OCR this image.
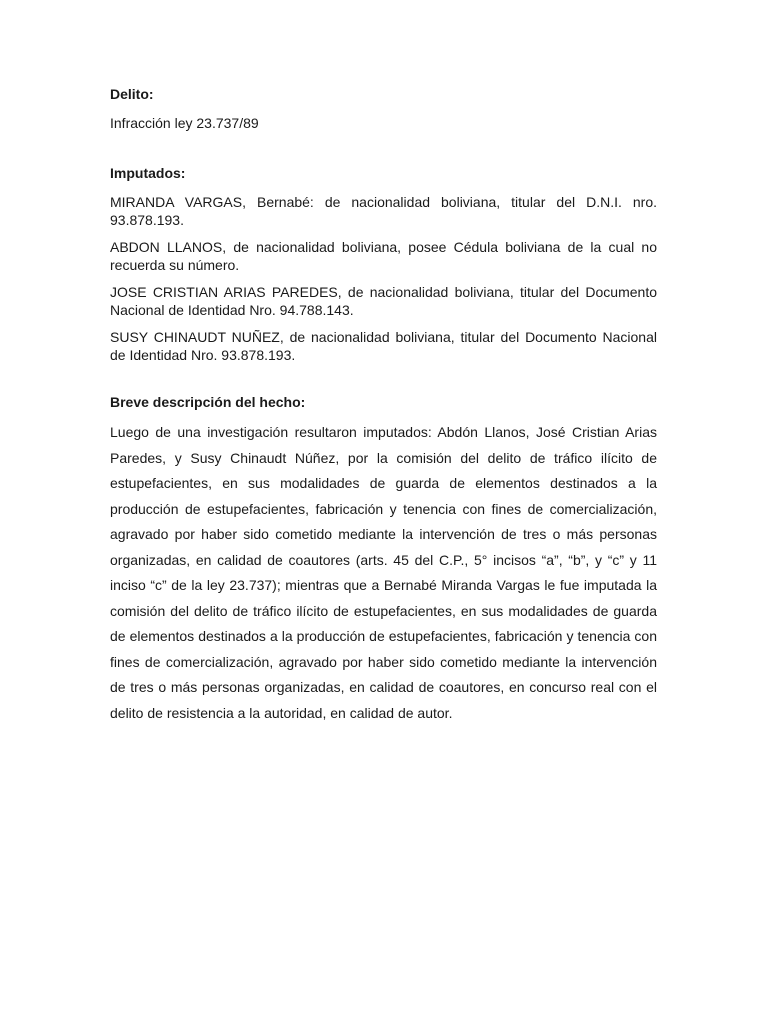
Delito:

Infracción ley 23.737/89

Imputados:

MIRANDA VARGAS, Bernabé: de nacionalidad boliviana, titular del D.N.I. nro. 93.878.193.

ABDON LLANOS, de nacionalidad boliviana, posee Cédula boliviana de la cual no recuerda su número.

JOSE CRISTIAN ARIAS PAREDES, de nacionalidad boliviana, titular del Documento Nacional de Identidad Nro. 94.788.143.

SUSY CHINAUDT NUÑEZ, de nacionalidad boliviana, titular del Documento Nacional de Identidad Nro. 93.878.193.

Breve descripción del hecho:

Luego de una investigación resultaron imputados: Abdón Llanos, José Cristian Arias Paredes, y Susy Chinaudt Núñez, por la comisión del delito de tráfico ilícito de estupefacientes, en sus modalidades de guarda de elementos destinados a la producción de estupefacientes, fabricación y tenencia con fines de comercialización, agravado por haber sido cometido mediante la intervención de tres o más personas organizadas, en calidad de coautores (arts. 45 del C.P., 5° incisos “a”, “b”, y “c” y 11 inciso “c” de la ley 23.737); mientras que a Bernabé Miranda Vargas le fue imputada la comisión del delito de tráfico ilícito de estupefacientes, en sus modalidades de guarda de elementos destinados a la producción de estupefacientes, fabricación y tenencia con fines de comercialización, agravado por haber sido cometido mediante la intervención de tres o más personas organizadas, en calidad de coautores, en concurso real con el delito de resistencia a la autoridad, en calidad de autor.
